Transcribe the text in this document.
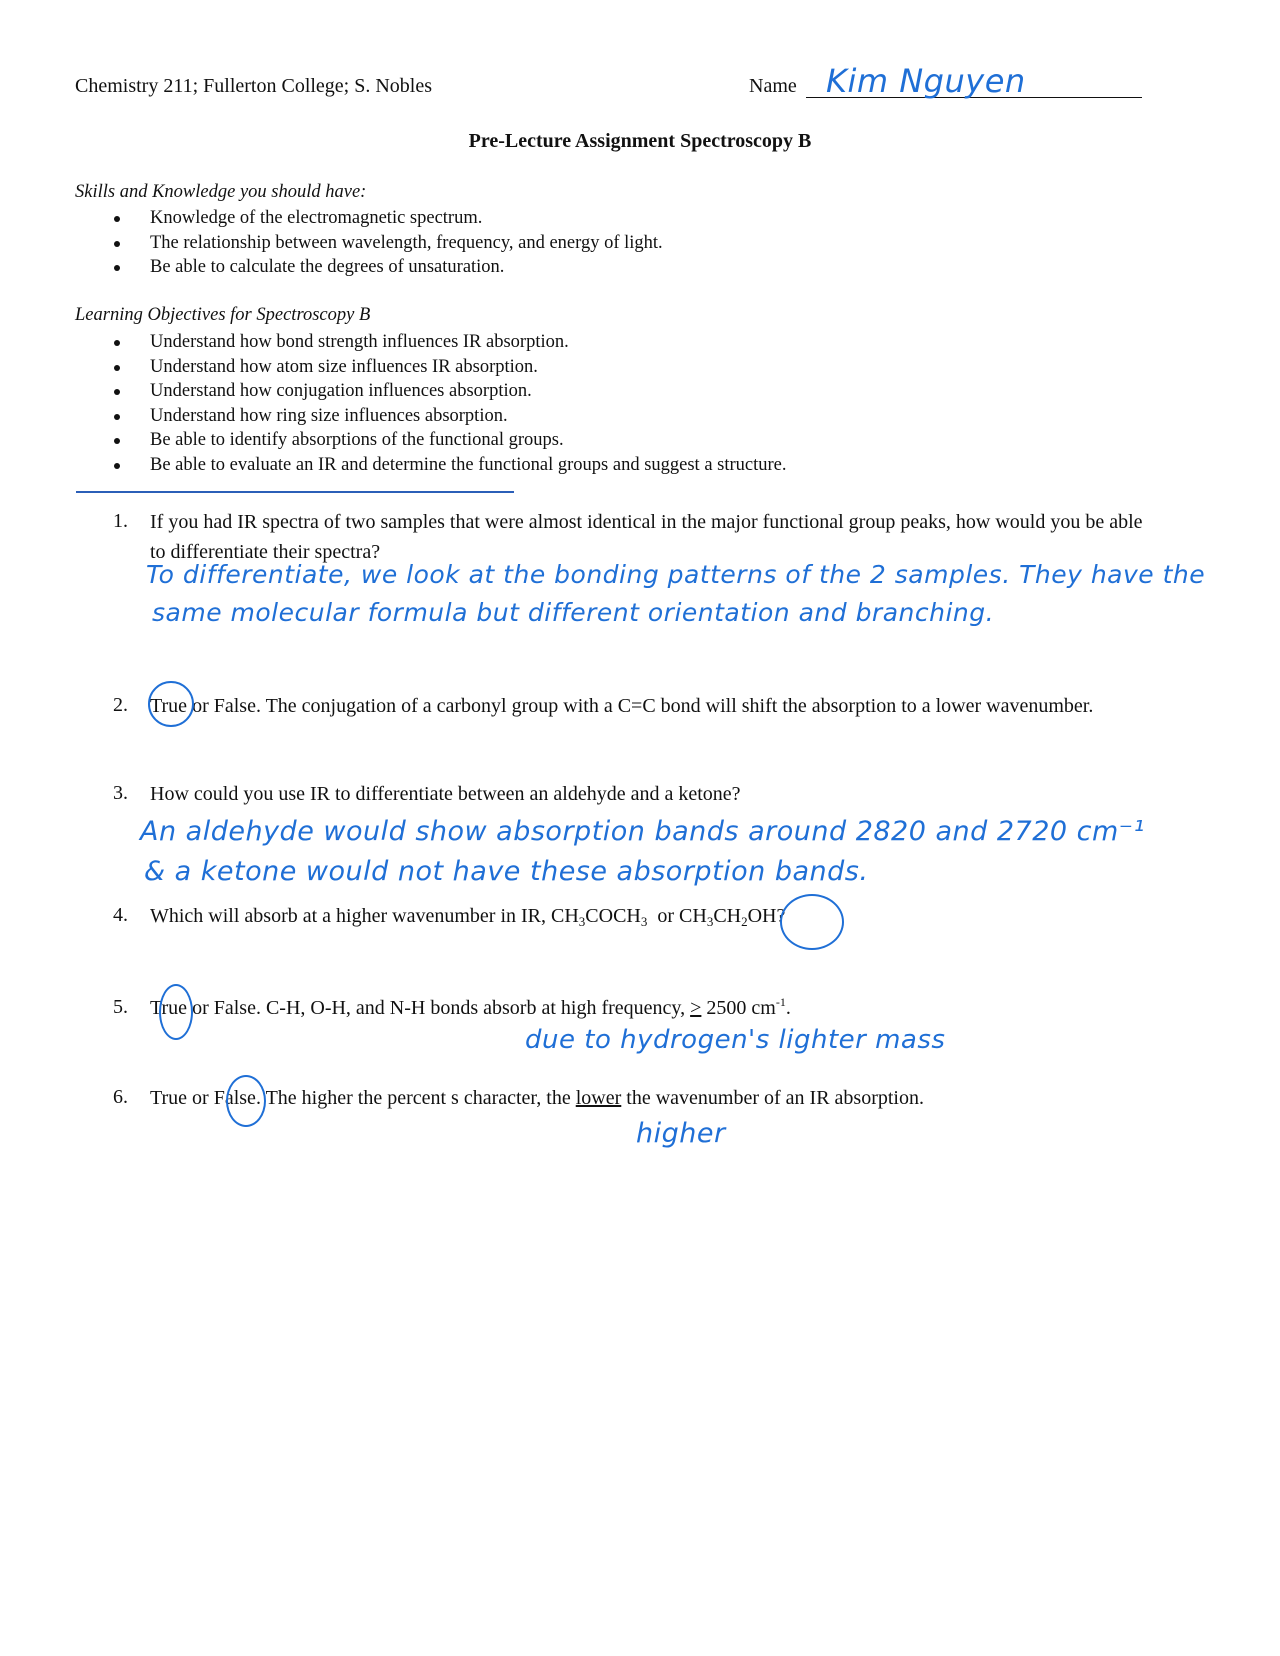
Chemistry 211; Fullerton College; S. Nobles	Name Kim Nguyen
Pre-Lecture Assignment Spectroscopy B
Skills and Knowledge you should have:
Knowledge of the electromagnetic spectrum.
The relationship between wavelength, frequency, and energy of light.
Be able to calculate the degrees of unsaturation.
Learning Objectives for Spectroscopy B
Understand how bond strength influences IR absorption.
Understand how atom size influences IR absorption.
Understand how conjugation influences absorption.
Understand how ring size influences absorption.
Be able to identify absorptions of the functional groups.
Be able to evaluate an IR and determine the functional groups and suggest a structure.
1. If you had IR spectra of two samples that were almost identical in the major functional group peaks, how would you be able to differentiate their spectra?
To differentiate, we look at the bonding patterns of the 2 samples. They have the
same molecular formula but different orientation and branching.
2. True or False. The conjugation of a carbonyl group with a C=C bond will shift the absorption to a lower wavenumber.
3. How could you use IR to differentiate between an aldehyde and a ketone?
An aldehyde would show absorption bands around 2820 and 2720 cm⁻¹
& a ketone would not have these absorption bands.
4. Which will absorb at a higher wavenumber in IR, $CH_3COCH_3$  or $CH_3CH_2OH$?
5. True or False. C-H, O-H, and N-H bonds absorb at high frequency, > 2500 $cm^{-1}$.
due to hydrogen's lighter mass
6. True or False. The higher the percent s character, the lower the wavenumber of an IR absorption.
higher
